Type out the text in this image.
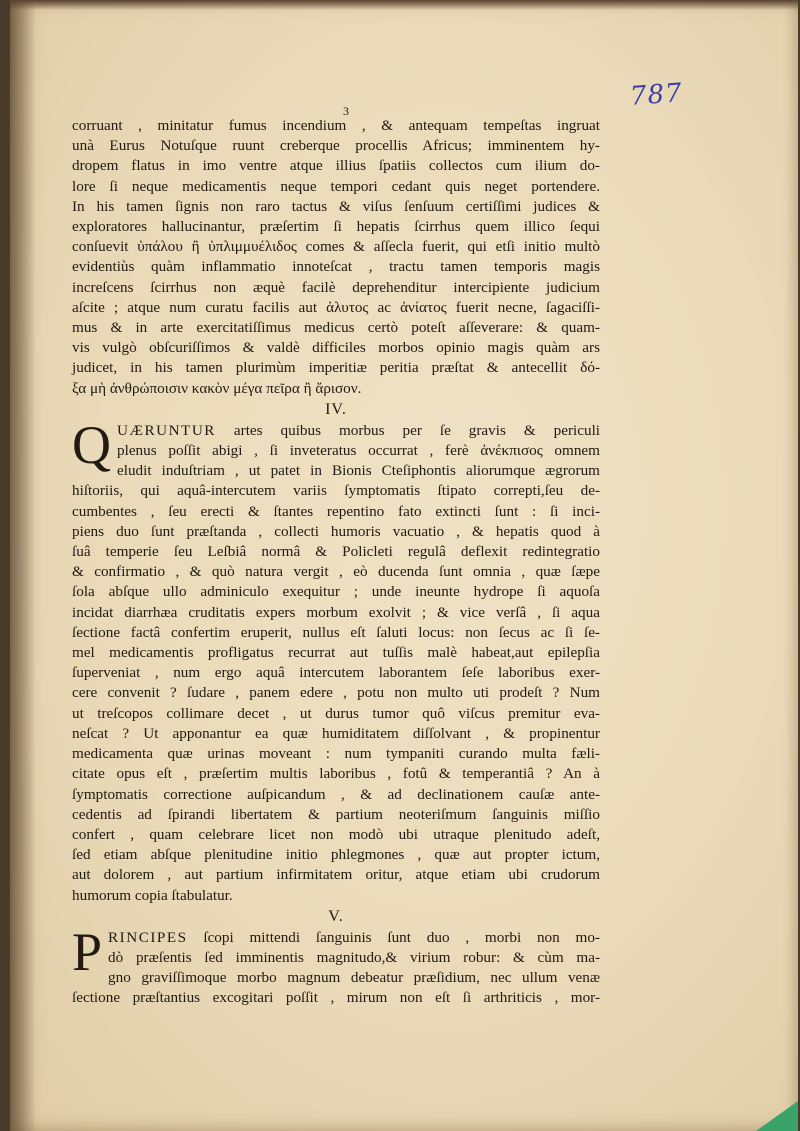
787
3
corruant , minitatur fumus incendium , & antequam tempeſtas ingruat
unà Eurus Notuſque ruunt creberque procellis Africus; imminentem hy-
dropem flatus in imo ventre atque illius ſpatiis collectos cum ilium do-
lore ſi neque medicamentis neque tempori cedant quis neget portendere.
In his tamen ſignis non raro tactus & viſus ſenſuum certiſſimi judices &
exploratores hallucinantur, præſertim ſi hepatis ſcirrhus quem illico ſequi
conſuevit ὑπάλου ἢ ὑπλιμμυέλιδος comes & aſſecla fuerit, qui etſi initio multò
evidentiùs quàm inflammatio innoteſcat , tractu tamen temporis magis
increſcens ſcirrhus non æquè facilè deprehenditur intercipiente judicium
aſcite ; atque num curatu facilis aut ἀλυτος ac ἀνίατος fuerit necne, ſagaciſſi-
mus & in arte exercitatiſſimus medicus certò poteſt aſſeverare: & quam-
vis vulgò obſcuriſſimos & valdè difficiles morbos opinio magis quàm ars
judicet, in his tamen plurimùm imperitiæ peritia præſtat & antecellit δό-
ξα μὴ ἀνθρώποισιν κακὸν μέγα πεῖρα ἢ ἄρισον.
IV.
Q UÆRUNTUR artes quibus morbus per ſe gravis & periculi
plenus poſſit abigi , ſi inveteratus occurrat , ferè ἀνέκπισος omnem
eludit induſtriam , ut patet in Bionis Cteſiphontis aliorumque ægrorum
hiſtoriis, qui aquâ-intercutem variis ſymptomatis ſtipato correpti,ſeu de-
cumbentes , ſeu erecti & ſtantes repentino fato extincti ſunt : ſi inci-
piens duo ſunt præſtanda , collecti humoris vacuatio , & hepatis quod à
ſuâ temperie ſeu Leſbiâ normâ & Policleti regulâ deflexit redintegratio
& confirmatio , & quò natura vergit , eò ducenda ſunt omnia , quæ ſæpe
ſola abſque ullo adminiculo exequitur ; unde ineunte hydrope ſi aquoſa
incidat diarrhæa cruditatis expers morbum exolvit ; & vice verſâ , ſi aqua
ſectione factâ confertim eruperit, nullus eſt ſaluti locus: non ſecus ac ſi ſe-
mel medicamentis profligatus recurrat aut tuſſis malè habeat,aut epilepſia
ſuperveniat , num ergo aquâ intercutem laborantem ſeſe laboribus exer-
cere convenit ? ſudare , panem edere , potu non multo uti prodeſt ? Num
ut treſcopos collimare decet , ut durus tumor quô viſcus premitur eva-
neſcat ? Ut apponantur ea quæ humiditatem diſſolvant , & propinentur
medicamenta quæ urinas moveant : num tympaniti curando multa fæli-
citate opus eſt , præſertim multis laboribus , fotû & temperantiâ ? An à
ſymptomatis correctione auſpicandum , & ad declinationem cauſæ ante-
cedentis ad ſpirandi libertatem & partium neoteriſmum ſanguinis miſſio
confert , quam celebrare licet non modò ubi utraque plenitudo adeſt,
ſed etiam abſque plenitudine initio phlegmones , quæ aut propter ictum,
aut dolorem , aut partium infirmitatem oritur, atque etiam ubi crudorum
humorum copia ſtabulatur.
V.
P RINCIPES ſcopi mittendi ſanguinis ſunt duo , morbi non mo-
dò præſentis ſed imminentis magnitudo,& virium robur: & cùm ma-
gno graviſſimoque morbo magnum debeatur præſidium, nec ullum venæ
ſectione præſtantius excogitari poſſit , mirum non eſt ſi arthriticis , mor-
